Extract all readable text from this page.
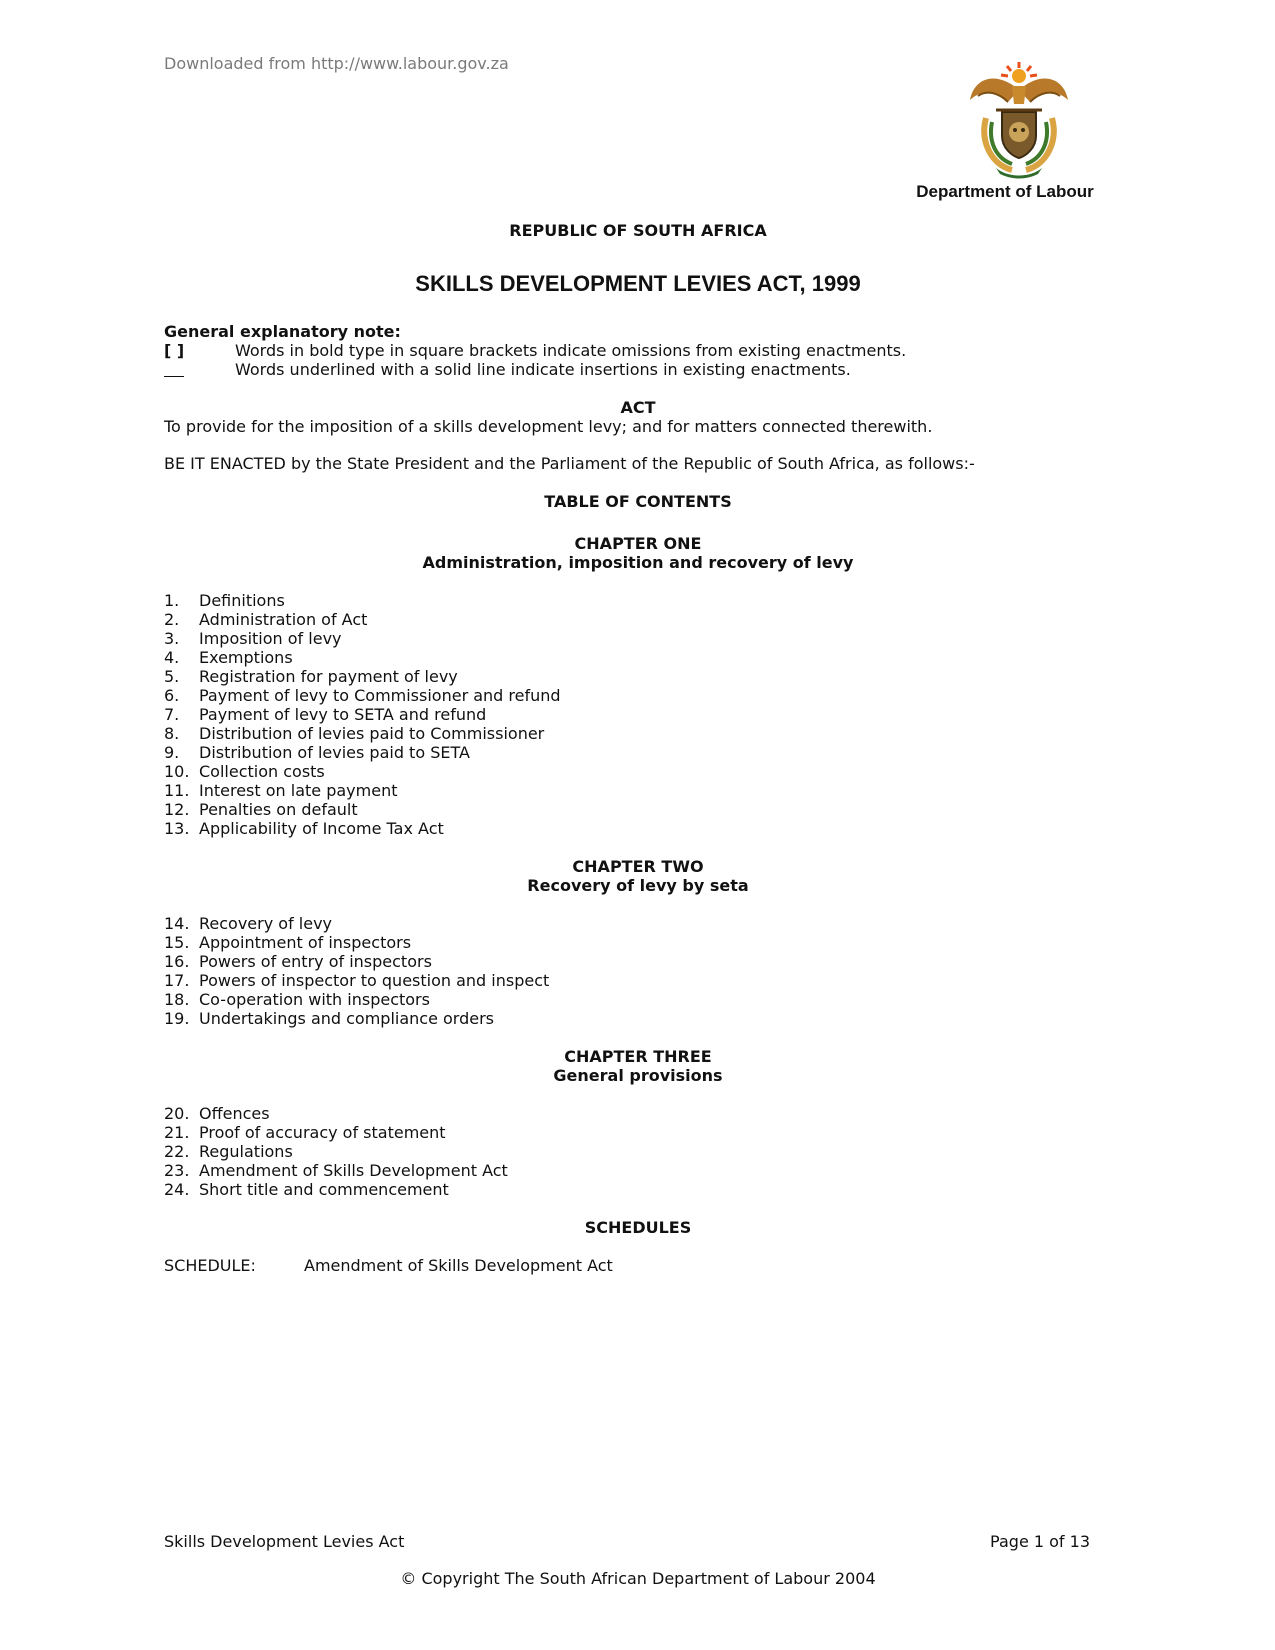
Downloaded from http://www.labour.gov.za
Department of Labour
REPUBLIC OF SOUTH AFRICA
SKILLS DEVELOPMENT LEVIES ACT, 1999
General explanatory note:
[ ]	Words in bold type in square brackets indicate omissions from existing enactments.
Words underlined with a solid line indicate insertions in existing enactments.
ACT
To provide for the imposition of a skills development levy; and for matters connected therewith.
BE IT ENACTED by the State President and the Parliament of the Republic of South Africa, as follows:-
TABLE OF CONTENTS
CHAPTER ONE
Administration, imposition and recovery of levy
1. Definitions
2. Administration of Act
3. Imposition of levy
4. Exemptions
5. Registration for payment of levy
6. Payment of levy to Commissioner and refund
7. Payment of levy to SETA and refund
8. Distribution of levies paid to Commissioner
9. Distribution of levies paid to SETA
10. Collection costs
11. Interest on late payment
12. Penalties on default
13. Applicability of Income Tax Act
CHAPTER TWO
Recovery of levy by seta
14. Recovery of levy
15. Appointment of inspectors
16. Powers of entry of inspectors
17. Powers of inspector to question and inspect
18. Co-operation with inspectors
19. Undertakings and compliance orders
CHAPTER THREE
General provisions
20. Offences
21. Proof of accuracy of statement
22. Regulations
23. Amendment of Skills Development Act
24. Short title and commencement
SCHEDULES
SCHEDULE:	Amendment of Skills Development Act
Skills Development Levies Act	Page 1 of 13
© Copyright The South African Department of Labour 2004
